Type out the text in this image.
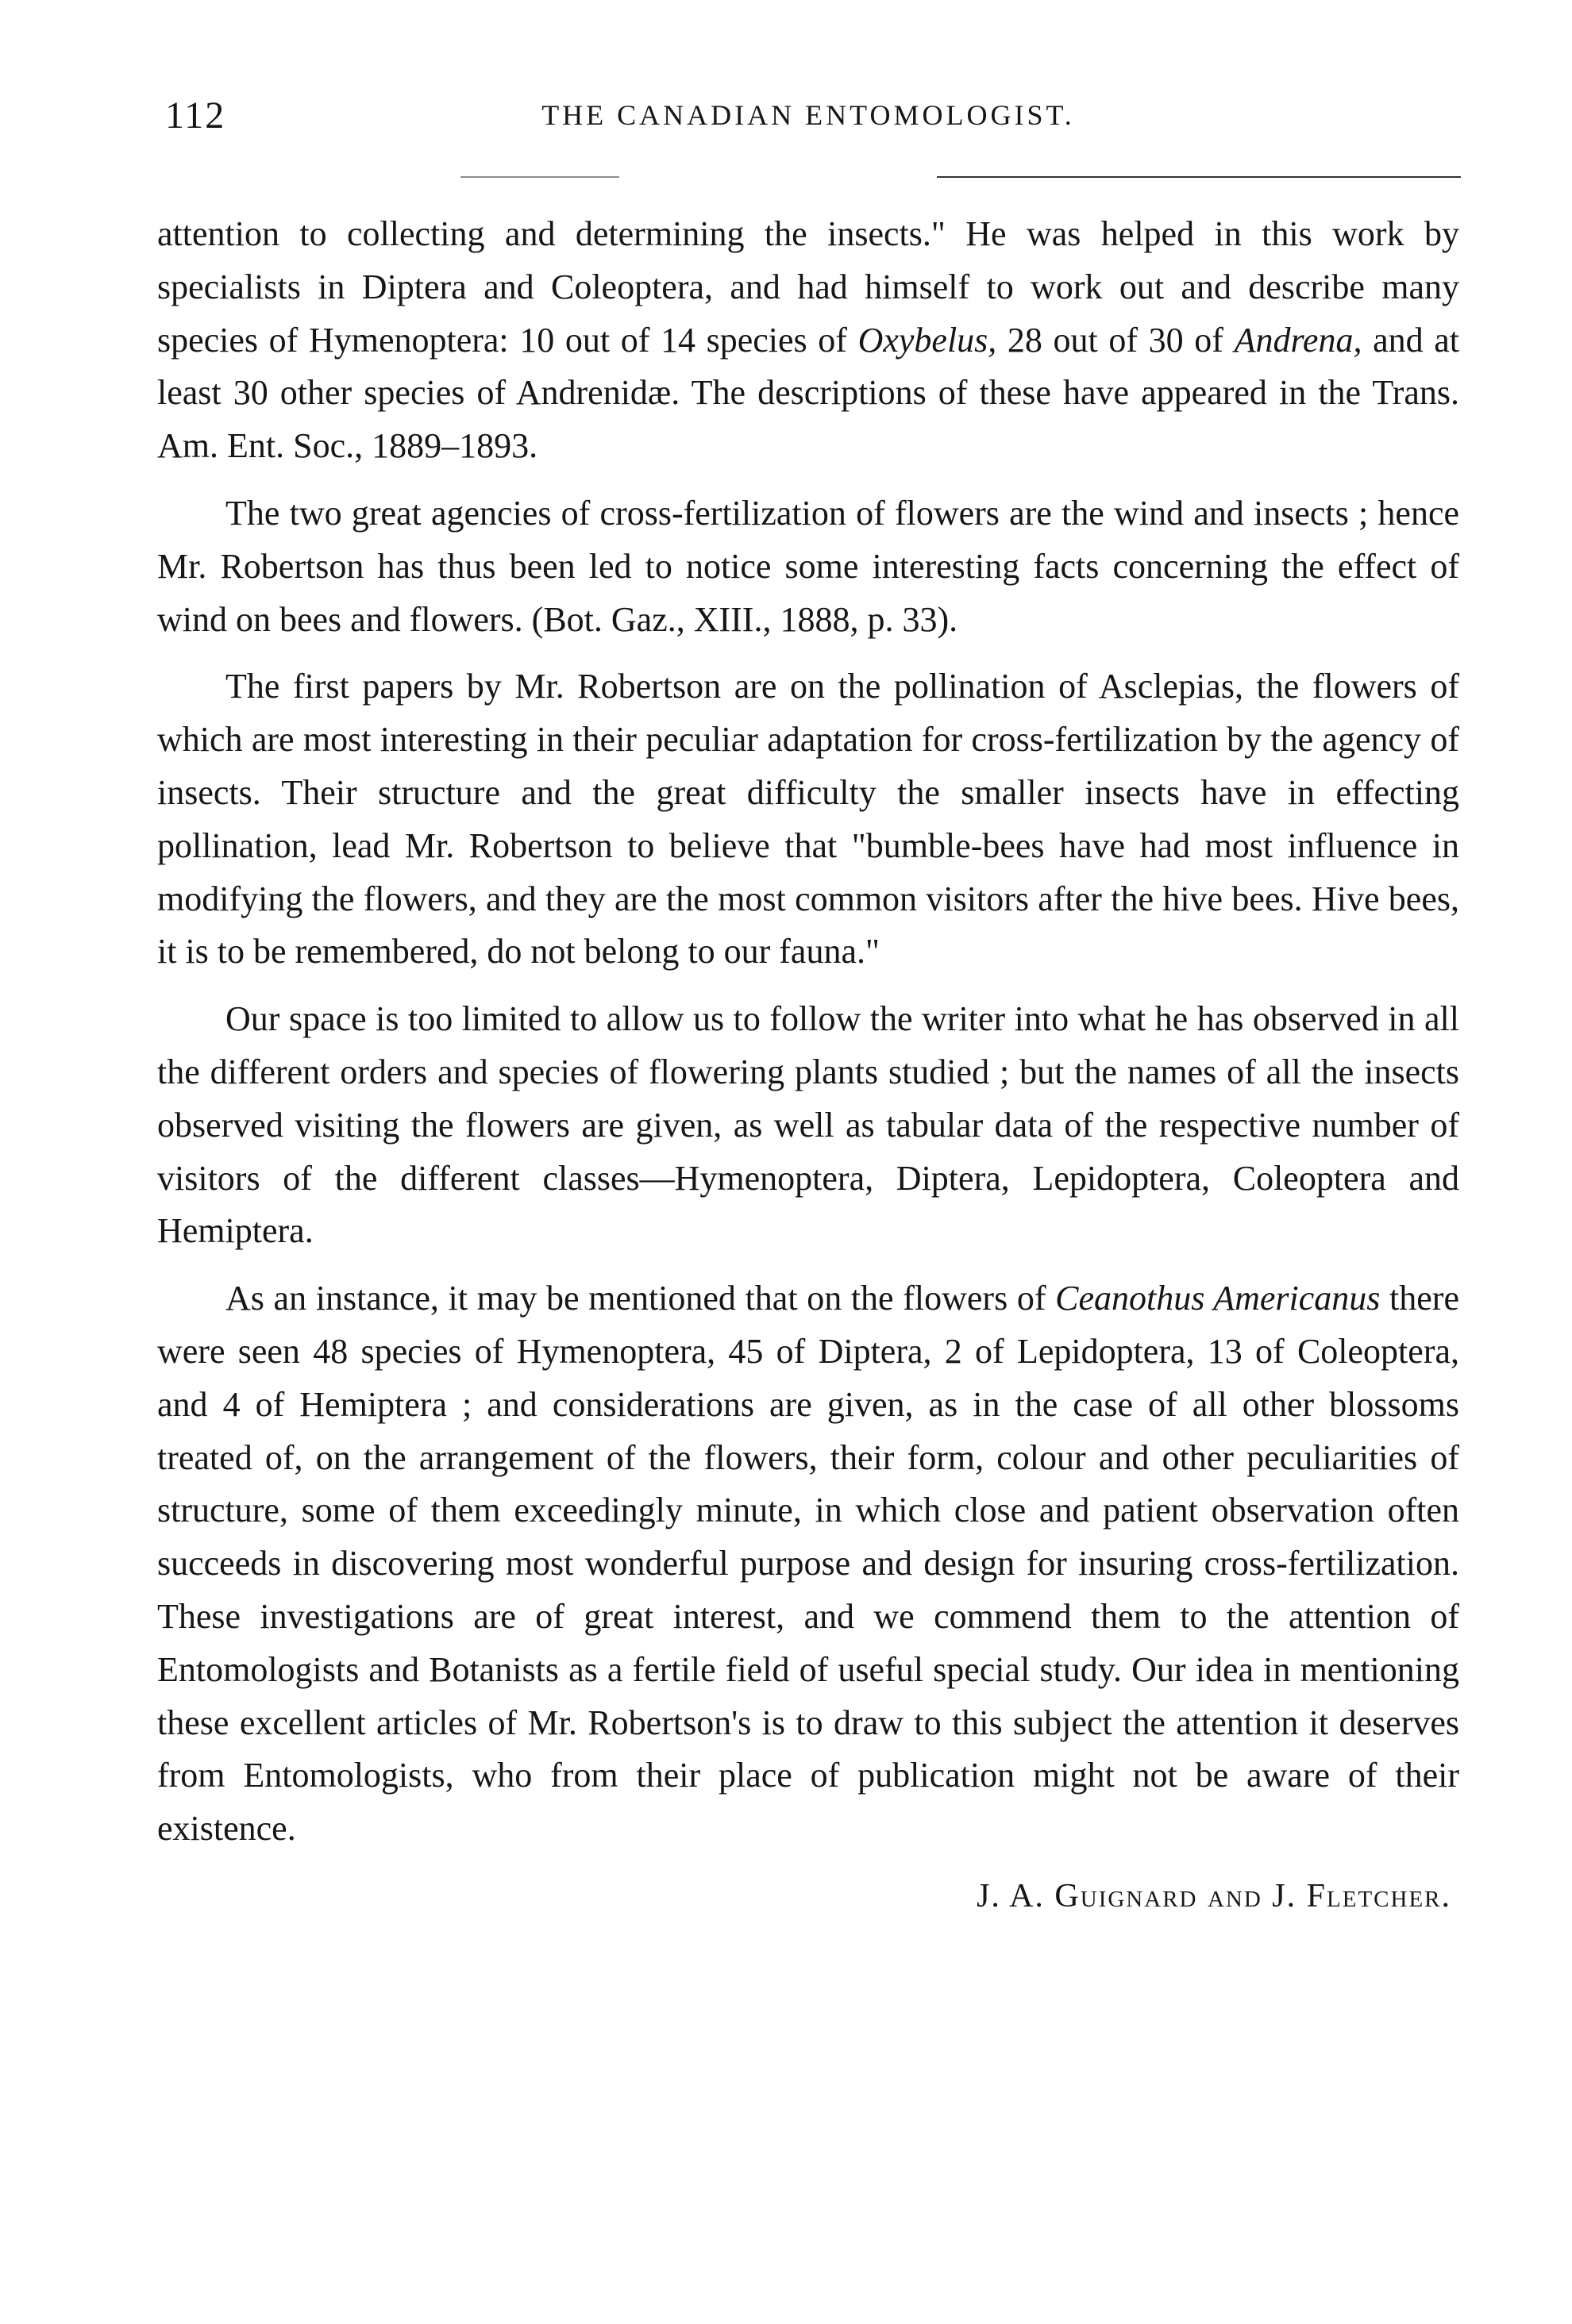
112	THE CANADIAN ENTOMOLOGIST.

attention to collecting and determining the insects." He was helped in this work by specialists in Diptera and Coleoptera, and had himself to work out and describe many species of Hymenoptera: 10 out of 14 species of Oxybelus, 28 out of 30 of Andrena, and at least 30 other species of Andrenidæ. The descriptions of these have appeared in the Trans. Am. Ent. Soc., 1889–1893.

The two great agencies of cross-fertilization of flowers are the wind and insects ; hence Mr. Robertson has thus been led to notice some interesting facts concerning the effect of wind on bees and flowers. (Bot. Gaz., XIII., 1888, p. 33).

The first papers by Mr. Robertson are on the pollination of Asclepias, the flowers of which are most interesting in their peculiar adaptation for cross-fertilization by the agency of insects. Their structure and the great difficulty the smaller insects have in effecting pollination, lead Mr. Robertson to believe that "bumble-bees have had most influence in modifying the flowers, and they are the most common visitors after the hive bees. Hive bees, it is to be remembered, do not belong to our fauna."

Our space is too limited to allow us to follow the writer into what he has observed in all the different orders and species of flowering plants studied ; but the names of all the insects observed visiting the flowers are given, as well as tabular data of the respective number of visitors of the different classes—Hymenoptera, Diptera, Lepidoptera, Coleoptera and Hemiptera.

As an instance, it may be mentioned that on the flowers of Ceanothus Americanus there were seen 48 species of Hymenoptera, 45 of Diptera, 2 of Lepidoptera, 13 of Coleoptera, and 4 of Hemiptera ; and considerations are given, as in the case of all other blossoms treated of, on the arrangement of the flowers, their form, colour and other peculiarities of structure, some of them exceedingly minute, in which close and patient observation often succeeds in discovering most wonderful purpose and design for insuring cross-fertilization. These investigations are of great interest, and we commend them to the attention of Entomologists and Botanists as a fertile field of useful special study. Our idea in mentioning these excellent articles of Mr. Robertson's is to draw to this subject the attention it deserves from Entomologists, who from their place of publication might not be aware of their existence.

J. A. Guignard and J. Fletcher.
